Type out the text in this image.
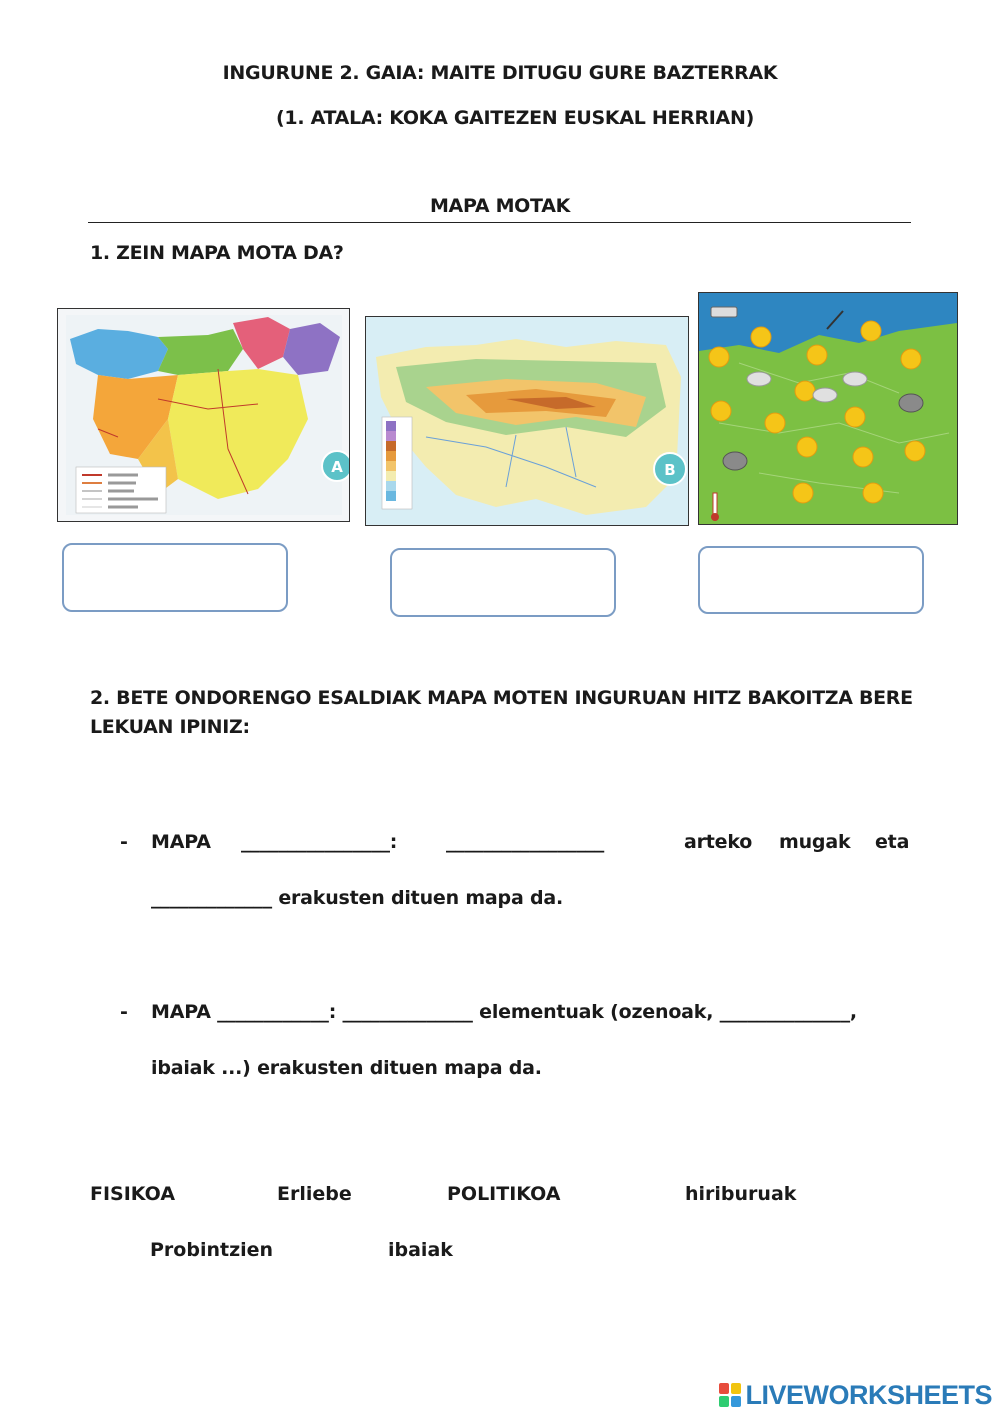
INGURUNE 2. GAIA: MAITE DITUGU GURE BAZTERRAK
(1. ATALA: KOKA GAITEZEN EUSKAL HERRIAN)
MAPA MOTAK
1. ZEIN MAPA MOTA DA?
A	B
2. BETE ONDORENGO ESALDIAK MAPA MOTEN INGURUAN HITZ BAKOITZA BERE
LEKUAN IPINIZ:
- MAPA ________________:	_________________	arteko mugak eta
_____________ erakusten dituen mapa da.
- MAPA ____________: ______________ elementuak (ozenoak, ______________,
ibaiak ...) erakusten dituen mapa da.
FISIKOA	Erliebe	POLITIKOA	hiriburuak
Probintzien	ibaiak
LIVEWORKSHEETS
